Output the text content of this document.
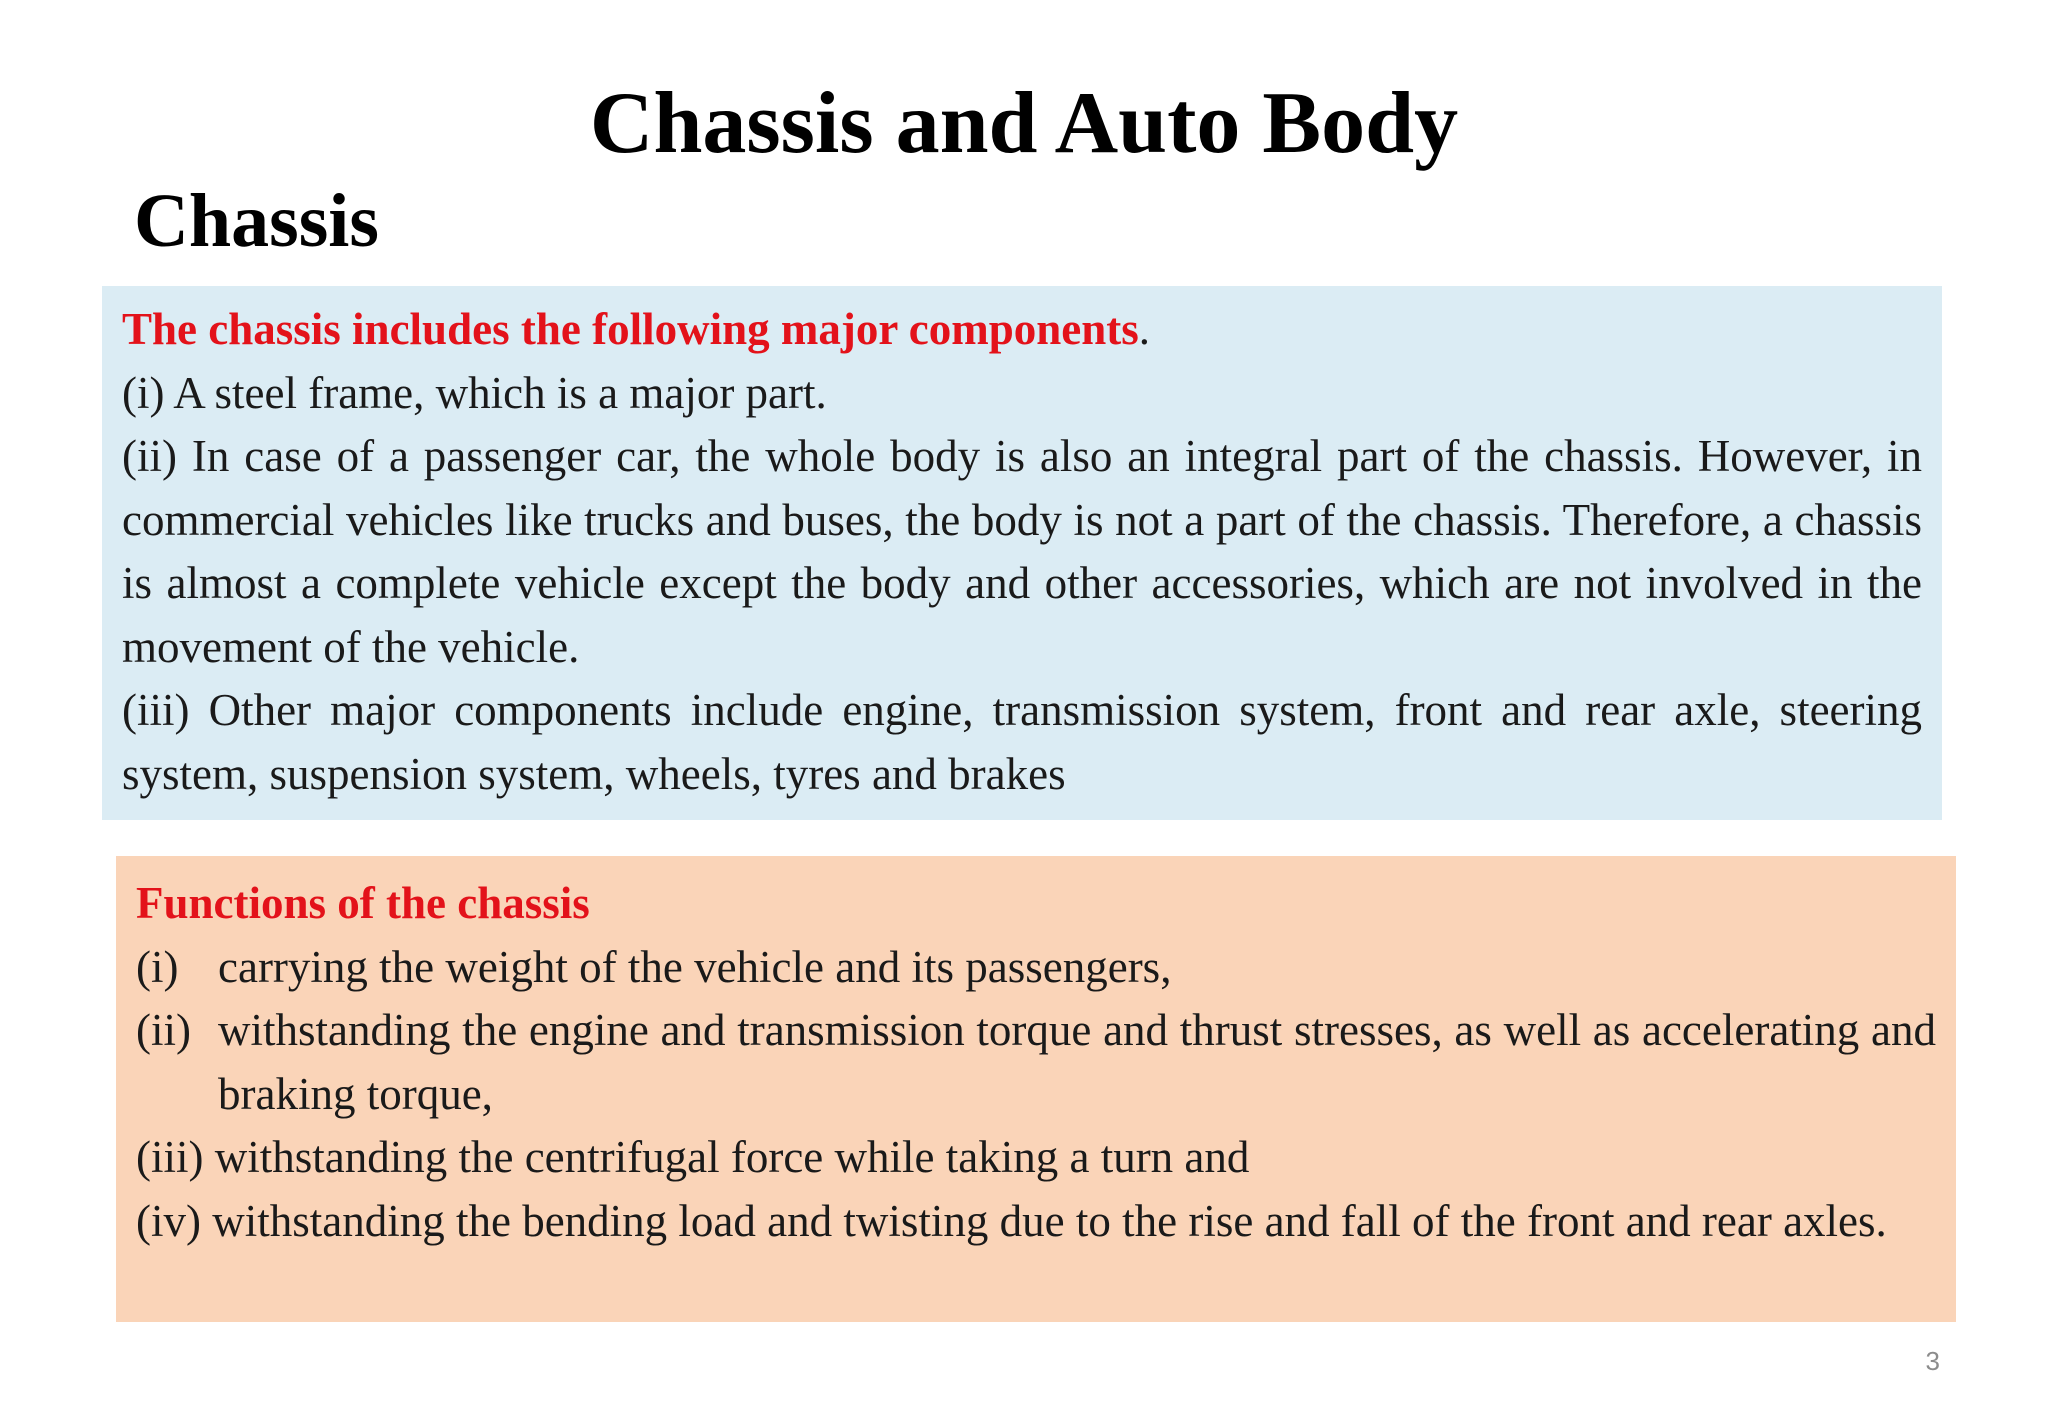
Chassis and Auto Body
Chassis

The chassis includes the following major components.

(i) A steel frame, which is a major part.

(ii) In case of a passenger car, the whole body is also an integral part of the chassis. However, in commercial vehicles like trucks and buses, the body is not a part of the chassis. Therefore, a chassis is almost a complete vehicle except the body and other accessories, which are not involved in the movement of the vehicle.

(iii) Other major components include engine, transmission system, front and rear axle, steering system, suspension system, wheels, tyres and brakes

Functions of the chassis

(i) carrying the weight of the vehicle and its passengers,
(ii) withstanding the engine and transmission torque and thrust stresses, as well as accelerating and braking torque,

(iii) withstanding the centrifugal force while taking a turn and

(iv) withstanding the bending load and twisting due to the rise and fall of the front and rear axles.

3
